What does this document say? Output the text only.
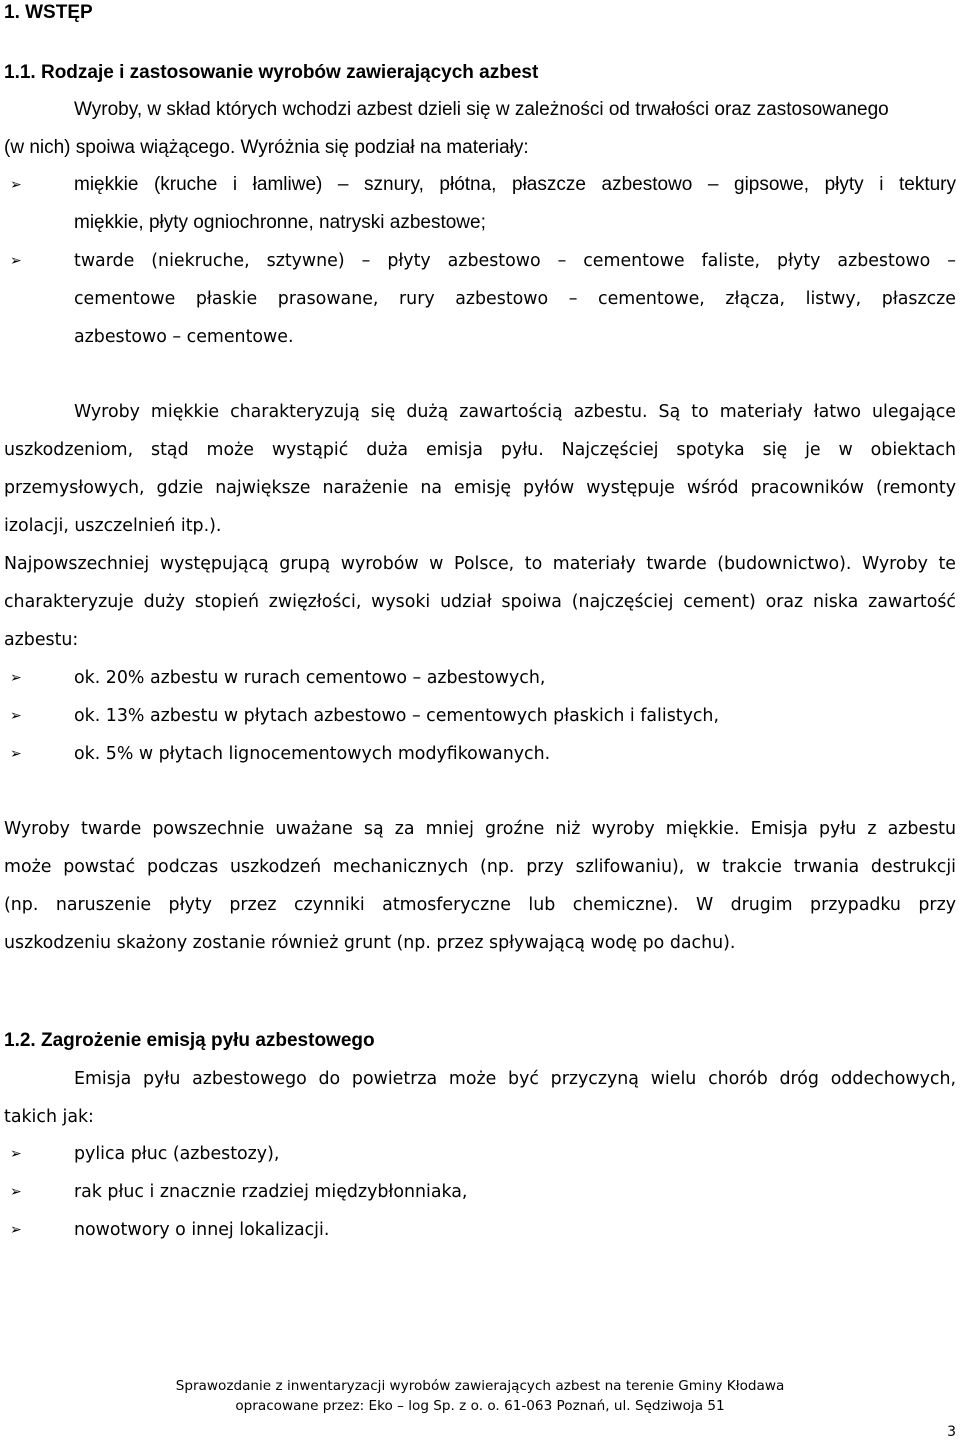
1. WSTĘP
1.1. Rodzaje i zastosowanie wyrobów zawierających azbest
Wyroby, w skład których wchodzi azbest dzieli się w zależności od trwałości oraz zastosowanego
(w nich) spoiwa wiążącego. Wyróżnia się podział na materiały:
➢	miękkie (kruche i łamliwe) – sznury, płótna, płaszcze azbestowo – gipsowe, płyty i tektury
miękkie, płyty ogniochronne, natryski azbestowe;
➢	twarde (niekruche, sztywne) – płyty azbestowo – cementowe faliste, płyty azbestowo –
cementowe płaskie prasowane, rury azbestowo – cementowe, złącza, listwy, płaszcze
azbestowo – cementowe.
Wyroby miękkie charakteryzują się dużą zawartością azbestu. Są to materiały łatwo ulegające
uszkodzeniom, stąd może wystąpić duża emisja pyłu. Najczęściej spotyka się je w obiektach
przemysłowych, gdzie największe narażenie na emisję pyłów występuje wśród pracowników (remonty
izolacji, uszczelnień itp.).
Najpowszechniej występującą grupą wyrobów w Polsce, to materiały twarde (budownictwo). Wyroby te
charakteryzuje duży stopień zwięzłości, wysoki udział spoiwa (najczęściej cement) oraz niska zawartość
azbestu:
➢	ok. 20% azbestu w rurach cementowo – azbestowych,
➢	ok. 13% azbestu w płytach azbestowo – cementowych płaskich i falistych,
➢	ok. 5% w płytach lignocementowych modyfikowanych.
Wyroby twarde powszechnie uważane są za mniej groźne niż wyroby miękkie. Emisja pyłu z azbestu
może powstać podczas uszkodzeń mechanicznych (np. przy szlifowaniu), w trakcie trwania destrukcji
(np. naruszenie płyty przez czynniki atmosferyczne lub chemiczne). W drugim przypadku przy
uszkodzeniu skażony zostanie również grunt (np. przez spływającą wodę po dachu).
1.2. Zagrożenie emisją pyłu azbestowego
Emisja pyłu azbestowego do powietrza może być przyczyną wielu chorób dróg oddechowych,
takich jak:
➢	pylica płuc (azbestozy),
➢	rak płuc i znacznie rzadziej międzybłonniaka,
➢	nowotwory o innej lokalizacji.
Sprawozdanie z inwentaryzacji wyrobów zawierających azbest na terenie Gminy Kłodawa
opracowane przez: Eko – log Sp. z o. o. 61-063 Poznań, ul. Sędziwoja 51
3
